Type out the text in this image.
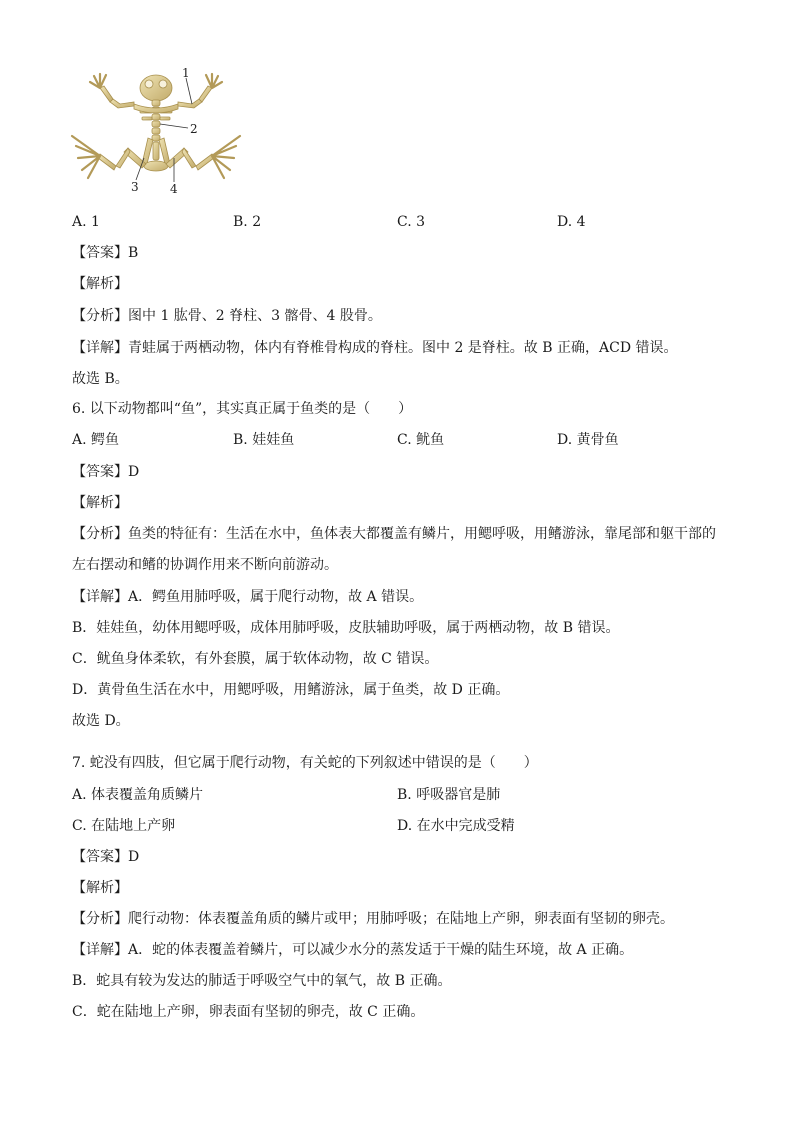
1
2
3	4
A. 1	B. 2	C. 3	D. 4
【答案】B
【解析】
【分析】图中 1 肱骨、2 脊柱、3 髂骨、4 股骨。
【详解】青蛙属于两栖动物，体内有脊椎骨构成的脊柱。图中 2 是脊柱。故 B 正确，ACD 错误。
故选 B。
6. 以下动物都叫“鱼”，其实真正属于鱼类的是（　　）
A. 鳄鱼	B. 娃娃鱼	C. 鱿鱼	D. 黄骨鱼
【答案】D
【解析】
【分析】鱼类的特征有：生活在水中，鱼体表大都覆盖有鳞片，用鳃呼吸，用鳍游泳，靠尾部和躯干部的
左右摆动和鳍的协调作用来不断向前游动。
【详解】A．鳄鱼用肺呼吸，属于爬行动物，故 A 错误。
B．娃娃鱼，幼体用鳃呼吸，成体用肺呼吸，皮肤辅助呼吸，属于两栖动物，故 B 错误。
C．鱿鱼身体柔软，有外套膜，属于软体动物，故 C 错误。
D．黄骨鱼生活在水中，用鳃呼吸，用鳍游泳，属于鱼类，故 D 正确。
故选 D。
7. 蛇没有四肢，但它属于爬行动物，有关蛇的下列叙述中错误的是（　　）
A. 体表覆盖角质鳞片	B. 呼吸器官是肺
C. 在陆地上产卵	D. 在水中完成受精
【答案】D
【解析】
【分析】爬行动物：体表覆盖角质的鳞片或甲；用肺呼吸；在陆地上产卵，卵表面有坚韧的卵壳。
【详解】A．蛇的体表覆盖着鳞片，可以减少水分的蒸发适于干燥的陆生环境，故 A 正确。
B．蛇具有较为发达的肺适于呼吸空气中的氧气，故 B 正确。
C．蛇在陆地上产卵，卵表面有坚韧的卵壳，故 C 正确。
